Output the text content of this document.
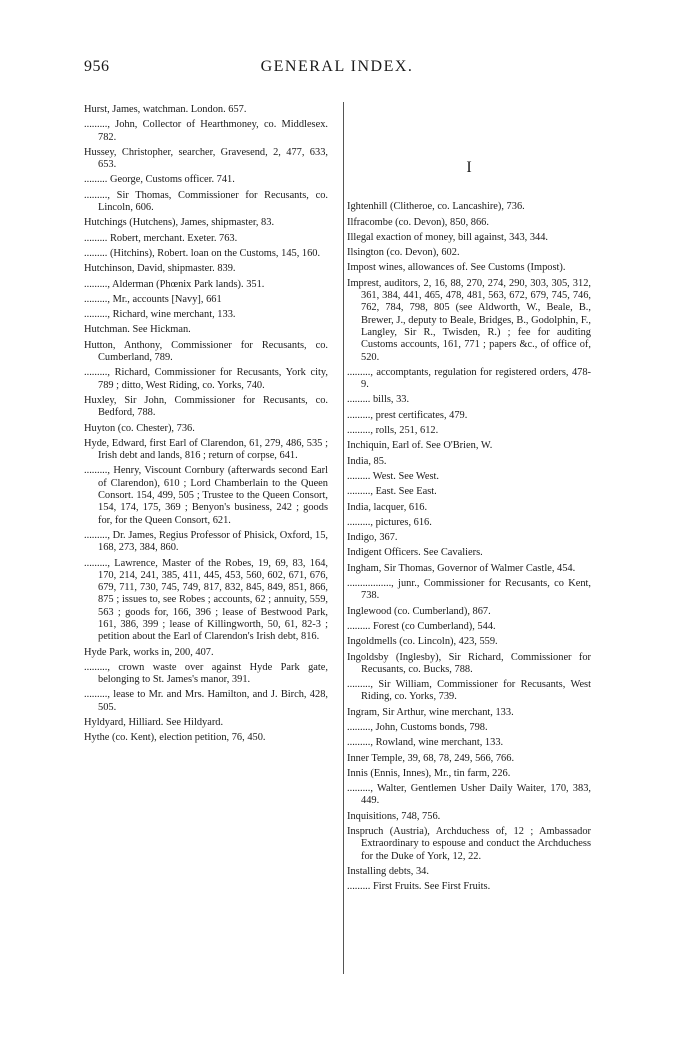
956	GENERAL INDEX.
Hurst, James, watchman. London. 657.
........., John, Collector of Hearthmoney, co. Middlesex. 782.
Hussey, Christopher, searcher, Gravesend, 2, 477, 633, 653.
......... George, Customs officer. 741.
........., Sir Thomas, Commissioner for Recusants, co. Lincoln, 606.
Hutchings (Hutchens), James, shipmaster, 83.
......... Robert, merchant. Exeter. 763.
......... (Hitchins), Robert. loan on the Customs, 145, 160.
Hutchinson, David, shipmaster. 839.
........., Alderman (Phœnix Park lands). 351.
........., Mr., accounts [Navy], 661
........., Richard, wine merchant, 133.
Hutchman. See Hickman.
Hutton, Anthony, Commissioner for Recusants, co. Cumberland, 789.
........., Richard, Commissioner for Recusants, York city, 789 ; ditto, West Riding, co. Yorks, 740.
Huxley, Sir John, Commissioner for Recusants, co. Bedford, 788.
Huyton (co. Chester), 736.
Hyde, Edward, first Earl of Clarendon, 61, 279, 486, 535 ; Irish debt and lands, 816 ; return of corpse, 641.
........., Henry, Viscount Cornbury (afterwards second Earl of Clarendon), 610 ; Lord Chamberlain to the Queen Consort. 154, 499, 505 ; Trustee to the Queen Consort, 154, 174, 175, 369 ; Benyon's business, 242 ; goods for, for the Queen Consort, 621.
........., Dr. James, Regius Professor of Phisick, Oxford, 15, 168, 273, 384, 860.
........., Lawrence, Master of the Robes, 19, 69, 83, 164, 170, 214, 241, 385, 411, 445, 453, 560, 602, 671, 676, 679, 711, 730, 745, 749, 817, 832, 845, 849, 851, 866, 875 ; issues to, see Robes ; accounts, 62 ; annuity, 559, 563 ; goods for, 166, 396 ; lease of Bestwood Park, 161, 386, 399 ; lease of Killingworth, 50, 61, 82-3 ; petition about the Earl of Clarendon's Irish debt, 816.
Hyde Park, works in, 200, 407.
........., crown waste over against Hyde Park gate, belonging to St. James's manor, 391.
........., lease to Mr. and Mrs. Hamilton, and J. Birch, 428, 505.
Hyldyard, Hilliard. See Hildyard.
Hythe (co. Kent), election petition, 76, 450.
I
Ightenhill (Clitheroe, co. Lancashire), 736.
Ilfracombe (co. Devon), 850, 866.
Illegal exaction of money, bill against, 343, 344.
Ilsington (co. Devon), 602.
Impost wines, allowances of. See Customs (Impost).
Imprest, auditors, 2, 16, 88, 270, 274, 290, 303, 305, 312, 361, 384, 441, 465, 478, 481, 563, 672, 679, 745, 746, 762, 784, 798, 805 (see Aldworth, W., Beale, B., Brewer, J., deputy to Beale, Bridges, B., Godolphin, F., Langley, Sir R., Twisden, R.) ; fee for auditing Customs accounts, 161, 771 ; papers &c., of office of, 520.
........., accomptants, regulation for registered orders, 478-9.
......... bills, 33.
........., prest certificates, 479.
........., rolls, 251, 612.
Inchiquin, Earl of. See O'Brien, W.
India, 85.
......... West. See West.
........., East. See East.
India, lacquer, 616.
........., pictures, 616.
Indigo, 367.
Indigent Officers. See Cavaliers.
Ingham, Sir Thomas, Governor of Walmer Castle, 454.
................., junr., Commissioner for Recusants, co Kent, 738.
Inglewood (co. Cumberland), 867.
......... Forest (co Cumberland), 544.
Ingoldmells (co. Lincoln), 423, 559.
Ingoldsby (Inglesby), Sir Richard, Commissioner for Recusants, co. Bucks, 788.
........., Sir William, Commissioner for Recusants, West Riding, co. Yorks, 739.
Ingram, Sir Arthur, wine merchant, 133.
........., John, Customs bonds, 798.
........., Rowland, wine merchant, 133.
Inner Temple, 39, 68, 78, 249, 566, 766.
Innis (Ennis, Innes), Mr., tin farm, 226.
........., Walter, Gentlemen Usher Daily Waiter, 170, 383, 449.
Inquisitions, 748, 756.
Inspruch (Austria), Archduchess of, 12 ; Ambassador Extraordinary to espouse and conduct the Archduchess for the Duke of York, 12, 22.
Installing debts, 34.
......... First Fruits. See First Fruits.
